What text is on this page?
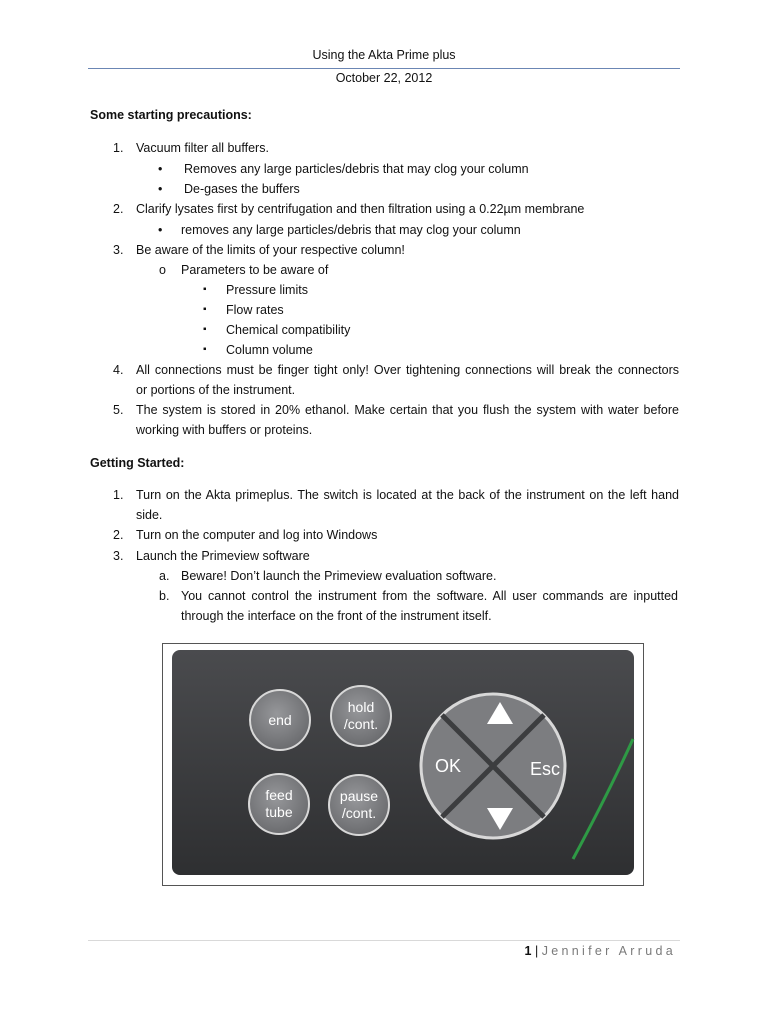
Using the Akta Prime plus
October 22, 2012
Some starting precautions:
1. Vacuum filter all buffers.
• Removes any large particles/debris that may clog your column
• De-gases the buffers
2. Clarify lysates first by centrifugation and then filtration using a 0.22µm membrane
• removes any large particles/debris that may clog your column
3. Be aware of the limits of your respective column!
o Parameters to be aware of
▪ Pressure limits
▪ Flow rates
▪ Chemical compatibility
▪ Column volume
4. All connections must be finger tight only! Over tightening connections will break the connectors
or portions of the instrument.
5. The system is stored in 20% ethanol. Make certain that you flush the system with water before
working with buffers or proteins.
Getting Started:
1. Turn on the Akta primeplus. The switch is located at the back of the instrument on the left hand
side.
2. Turn on the computer and log into Windows
3. Launch the Primeview software
a. Beware! Don’t launch the Primeview evaluation software.
b. You cannot control the instrument from the software. All user commands are inputted
through the interface on the front of the instrument itself.
end
hold
/cont.
feed
tube
pause
/cont.
OK	Esc
1 | Jennifer Arruda
